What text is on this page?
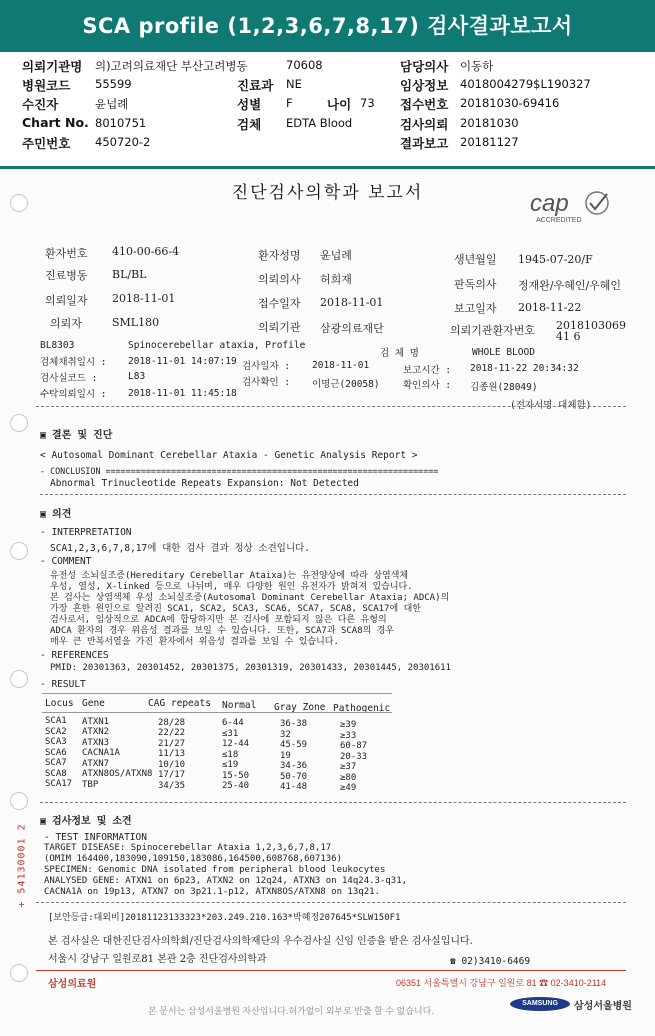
SCA profile (1,2,3,6,7,8,17) 검사결과보고서
의뢰기관명 의)고려의료재단 부산고려병동	70608	담당의사 이동하
병원코드 55599	진료과 NE	임상정보 4018004279$L190327
수진자	윤넙례	성별 F	나이 73 접수번호 20181030-69416
Chart No. 8010751	검체 EDTA Blood	검사의뢰 20181030
주민번호 450720-2	결과보고 20181127
진단검사의학과 보고서	cap
ACCREDITED
환자번호 410-00-66-4	환자성명 윤넙례	생년월일 1945-07-20/F
진료병동 BL/BL	의뢰의사 허희재	판독의사 정재완/우혜인/우혜인
의뢰일자 2018-11-01	접수일자 2018-11-01	보고일자 2018-11-22
의뢰자	SML180	의뢰기관 삼광의료재단	의뢰기관환자번호 201810306941 6
BL8303	Spinocerebellar ataxia, Profile
검 체 명	WHOLE BLOOD
검체채취일시 : 2018-11-01 14:07:19 검사일자 : 2018-11-01	보고시간 : 2018-11-22 20:34:32
검사실코드 :	L83
검사확인 : 이명근(20058) 확인의사 : 김종원(28049)
수탁의뢰일시 : 2018-11-01 11:45:18
(전자서명 대체함)
▣ 결론 및 진단
< Autosomal Dominant Cerebellar Ataxia - Genetic Analysis Report >
- CONCLUSION ==================================================================
Abnormal Trinucleotide Repeats Expansion: Not Detected
▣ 의견
- INTERPRETATION
SCA1,2,3,6,7,8,17에 대한 검사 결과 정상 소견입니다.
- COMMENT
유전성 소뇌실조증(Hereditary Cerebellar Ataixa)는 유전양상에 따라 상염색체
우성, 열성, X-linked 등으로 나뉘며, 매우 다양한 원인 유전자가 밝혀져 있습니다.
본 검사는 상염색체 우성 소뇌실조증(Autosomal Dominant Cerebellar Ataxia; ADCA)의
가장 흔한 원인으로 알려진 SCA1, SCA2, SCA3, SCA6, SCA7, SCA8, SCA17에 대한
검사로서, 임상적으로 ADCA에 합당하지만 본 검사에 포함되지 않은 다른 유형의
ADCA 환자의 경우 위음성 결과를 보일 수 있습니다. 또한, SCA7과 SCA8의 경우
매우 큰 반복서열을 가진 환자에서 위음성 결과를 보일 수 있습니다.
- REFERENCES
PMID: 20301363, 20301452, 20301375, 20301319, 20301433, 20301445, 20301611
- RESULT
Locus Gene	CAG repeats Normal Gray Zone Pathogenic
SCA1 ATXN1	28/28	6-44	36-38	≥39
SCA2 ATXN2	22/22	≤31	32	≥33
SCA3 ATXN3	21/27	12-44	45-59	60-87
SCA6 CACNA1A	11/13	≤18	19	20-33
SCA7 ATXN7	10/10	≤19	34-36	≥37
SCA8 ATXN8OS/ATXN8 17/17	15-50	50-70	≥80
SCA17 TBP	34/35	25-40	41-48	≥49
▣ 검사정보 및 소견
- TEST INFORMATION
TARGET DISEASE: Spinocerebellar Ataxia 1,2,3,6,7,8,17
(OMIM 164400,183090,109150,183086,164500,608768,607136)
SPECIMEN: Genomic DNA isolated from peripheral blood leukocytes
ANALYSED GENE: ATXN1 on 6p23, ATXN2 on 12q24, ATXN3 on 14q24.3-q31,
CACNA1A on 19p13, ATXN7 on 3p21.1-p12, ATXN8OS/ATXN8 on 13q21.
+ 54130001 2
[보안등급:대외비]20181123133323*203.249.210.163*박혜정207645*SLW150F1
본 검사실은 대한진단검사의학회/진단검사의학재단의 우수검사실 신임 인증을 받은 검사실입니다.
서울시 강남구 일원로81 본관 2층 진단검사의학과	☎ 02)3410-6469
삼성의료원	06351 서울특별시 강남구 일원로 81 ☎ 02-3410-2114
SAMSUNG	삼성서울병원
본 문서는 삼성서울병원 자산입니다.허가없이 외부로 반출 할 수 없습니다.
